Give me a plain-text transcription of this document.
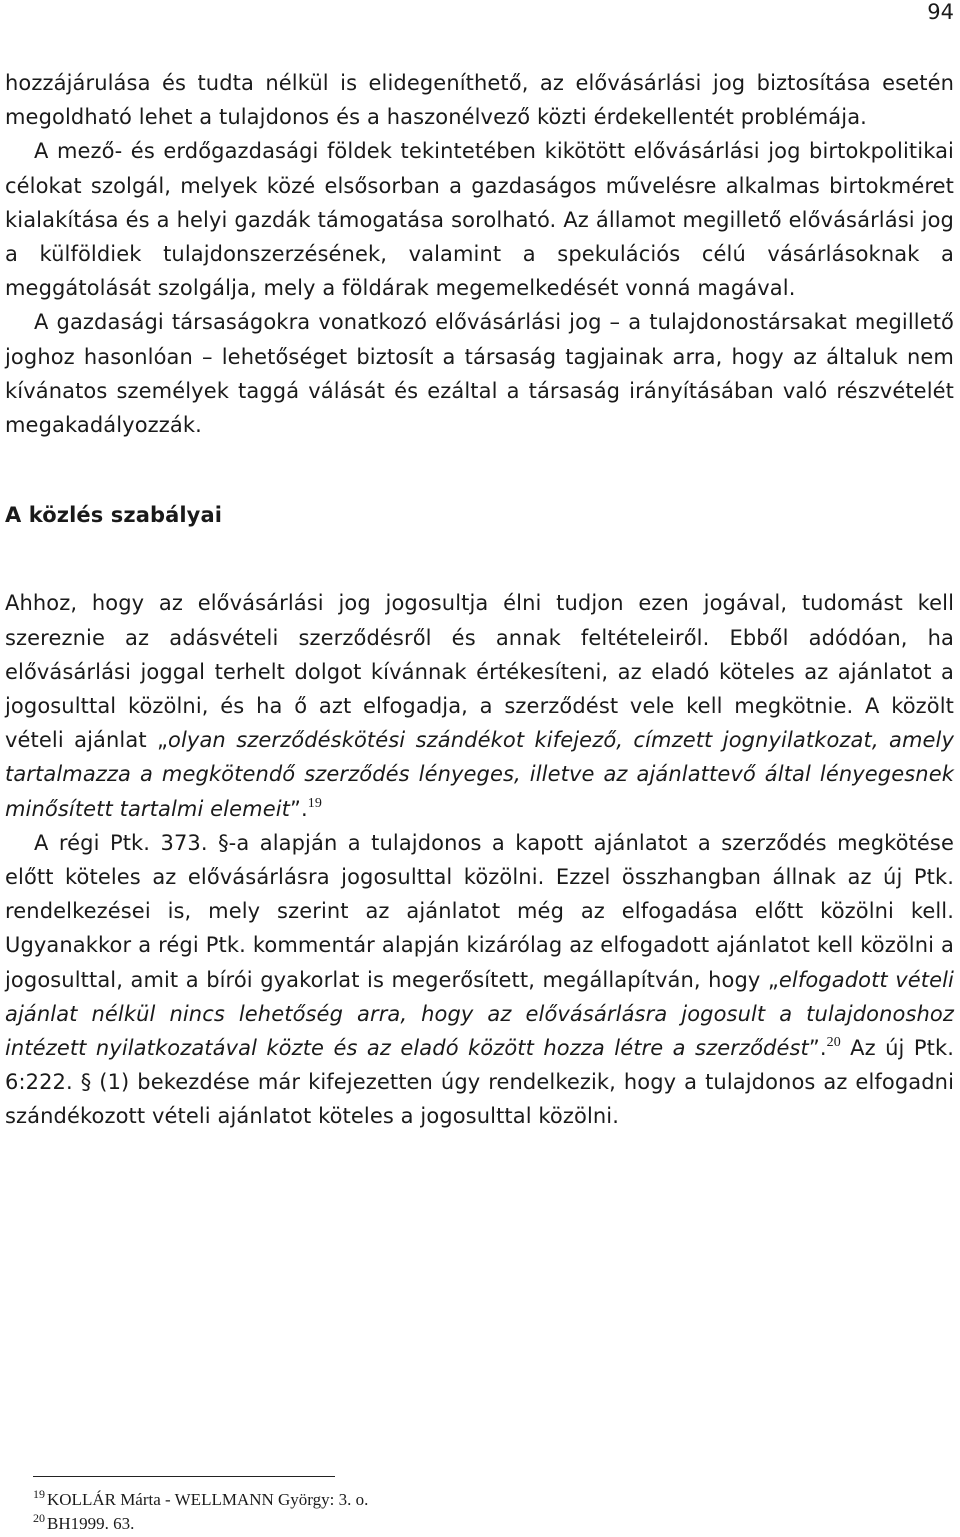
94

hozzájárulása és tudta nélkül is elidegeníthető, az elővásárlási jog biztosítása esetén megoldható lehet a tulajdonos és a haszonélvező közti érdekellentét problémája.

A mező- és erdőgazdasági földek tekintetében kikötött elővásárlási jog birtokpolitikai célokat szolgál, melyek közé elsősorban a gazdaságos művelésre alkalmas birtokméret kialakítása és a helyi gazdák támogatása sorolható. Az államot megillető elővásárlási jog a külföldiek tulajdonszerzésének, valamint a spekulációs célú vásárlásoknak a meggátolását szolgálja, mely a földárak megemelkedését vonná magával.

A gazdasági társaságokra vonatkozó elővásárlási jog – a tulajdonostársakat megillető joghoz hasonlóan – lehetőséget biztosít a társaság tagjainak arra, hogy az általuk nem kívánatos személyek taggá válását és ezáltal a társaság irányításában való részvételét megakadályozzák.

A közlés szabályai

Ahhoz, hogy az elővásárlási jog jogosultja élni tudjon ezen jogával, tudomást kell szereznie az adásvételi szerződésről és annak feltételeiről. Ebből adódóan, ha elővásárlási joggal terhelt dolgot kívánnak értékesíteni, az eladó köteles az ajánlatot a jogosulttal közölni, és ha ő azt elfogadja, a szerződést vele kell megkötnie. A közölt vételi ajánlat „olyan szerződéskötési szándékot kifejező, címzett jognyilatkozat, amely tartalmazza a megkötendő szerződés lényeges, illetve az ajánlattevő által lényegesnek minősített tartalmi elemeit”.$^{19}$

A régi Ptk. 373. §-a alapján a tulajdonos a kapott ajánlatot a szerződés megkötése előtt köteles az elővásárlásra jogosulttal közölni. Ezzel összhangban állnak az új Ptk. rendelkezései is, mely szerint az ajánlatot még az elfogadása előtt közölni kell. Ugyanakkor a régi Ptk. kommentár alapján kizárólag az elfogadott ajánlatot kell közölni a jogosulttal, amit a bírói gyakorlat is megerősített, megállapítván, hogy „elfogadott vételi ajánlat nélkül nincs lehetőség arra, hogy az elővásárlásra jogosult a tulajdonoshoz intézett nyilatkozatával közte és az eladó között hozza létre a szerződést”.$^{20}$ Az új Ptk. 6:222. § (1) bekezdése már kifejezetten úgy rendelkezik, hogy a tulajdonos az elfogadni szándékozott vételi ajánlatot köteles a jogosulttal közölni.

$^{19}$ KOLLÁR Márta - WELLMANN György: 3. o.
$^{20}$ BH1999. 63.
